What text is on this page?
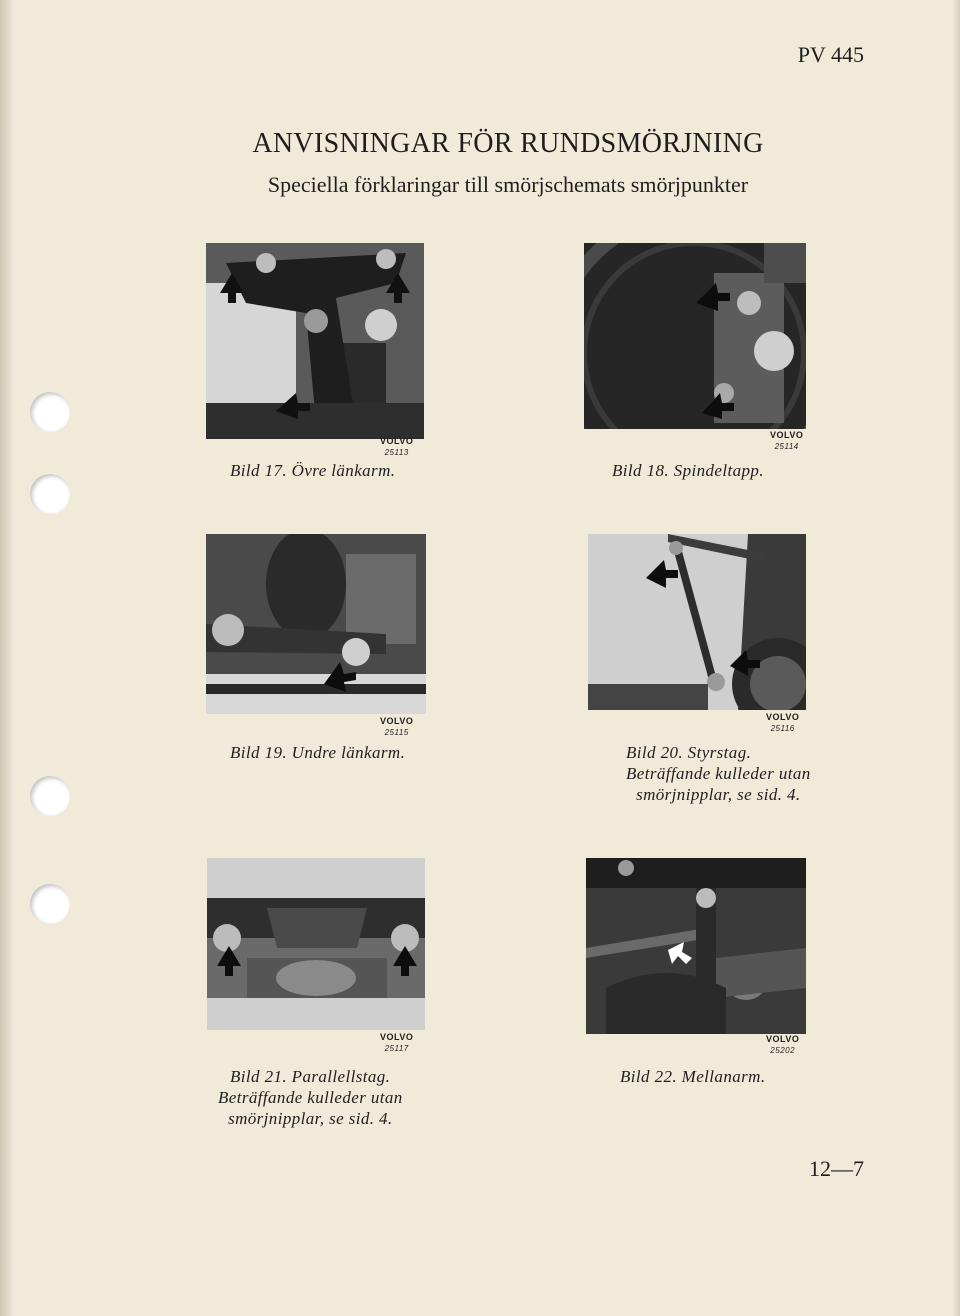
PV 445
ANVISNINGAR FÖR RUNDSMÖRJNING
Speciella förklaringar till smörjschemats smörjpunkter
VOLVO
25113
Bild 17. Övre länkarm.
VOLVO
25114
Bild 18. Spindeltapp.
VOLVO
25115
Bild 19. Undre länkarm.
VOLVO
25116
Bild 20. Styrstag.
Beträffande kulleder utan
smörjnipplar, se sid. 4.
VOLVO
25117
Bild 21. Parallellstag.
Beträffande kulleder utan
smörjnipplar, se sid. 4.
VOLVO
25202
Bild 22. Mellanarm.
12—7
